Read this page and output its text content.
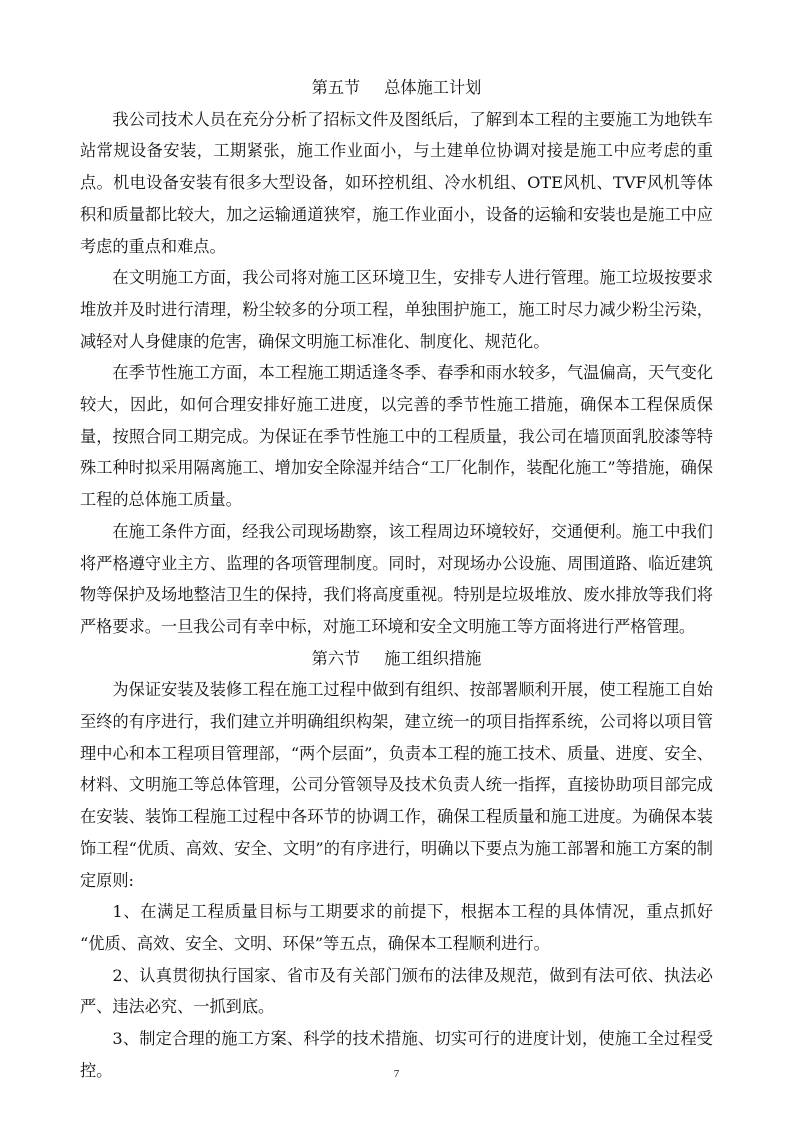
第五节 总体施工计划

我公司技术人员在充分分析了招标文件及图纸后，了解到本工程的主要施工为地铁车站常规设备安装，工期紧张，施工作业面小，与土建单位协调对接是施工中应考虑的重点。机电设备安装有很多大型设备，如环控机组、冷水机组、OTE风机、TVF风机等体积和质量都比较大，加之运输通道狭窄，施工作业面小，设备的运输和安装也是施工中应考虑的重点和难点。

在文明施工方面，我公司将对施工区环境卫生，安排专人进行管理。施工垃圾按要求堆放并及时进行清理，粉尘较多的分项工程，单独围护施工，施工时尽力减少粉尘污染，减轻对人身健康的危害，确保文明施工标准化、制度化、规范化。

在季节性施工方面，本工程施工期适逢冬季、春季和雨水较多，气温偏高，天气变化较大，因此，如何合理安排好施工进度，以完善的季节性施工措施，确保本工程保质保量，按照合同工期完成。为保证在季节性施工中的工程质量，我公司在墙顶面乳胶漆等特殊工种时拟采用隔离施工、增加安全除湿并结合“工厂化制作，装配化施工”等措施，确保工程的总体施工质量。

在施工条件方面，经我公司现场勘察，该工程周边环境较好，交通便利。施工中我们将严格遵守业主方、监理的各项管理制度。同时，对现场办公设施、周围道路、临近建筑物等保护及场地整洁卫生的保持，我们将高度重视。特别是垃圾堆放、废水排放等我们将严格要求。一旦我公司有幸中标，对施工环境和安全文明施工等方面将进行严格管理。

第六节 施工组织措施

为保证安装及装修工程在施工过程中做到有组织、按部署顺利开展，使工程施工自始至终的有序进行，我们建立并明确组织构架，建立统一的项目指挥系统，公司将以项目管理中心和本工程项目管理部，“两个层面”，负责本工程的施工技术、质量、进度、安全、材料、文明施工等总体管理，公司分管领导及技术负责人统一指挥，直接协助项目部完成在安装、装饰工程施工过程中各环节的协调工作，确保工程质量和施工进度。为确保本装饰工程“优质、高效、安全、文明”的有序进行，明确以下要点为施工部署和施工方案的制定原则:

1、在满足工程质量目标与工期要求的前提下，根据本工程的具体情况，重点抓好 “优质、高效、安全、文明、环保”等五点，确保本工程顺利进行。

2、认真贯彻执行国家、省市及有关部门颁布的法律及规范，做到有法可依、执法必严、违法必究、一抓到底。

3、制定合理的施工方案、科学的技术措施、切实可行的进度计划，使施工全过程受控。	7
